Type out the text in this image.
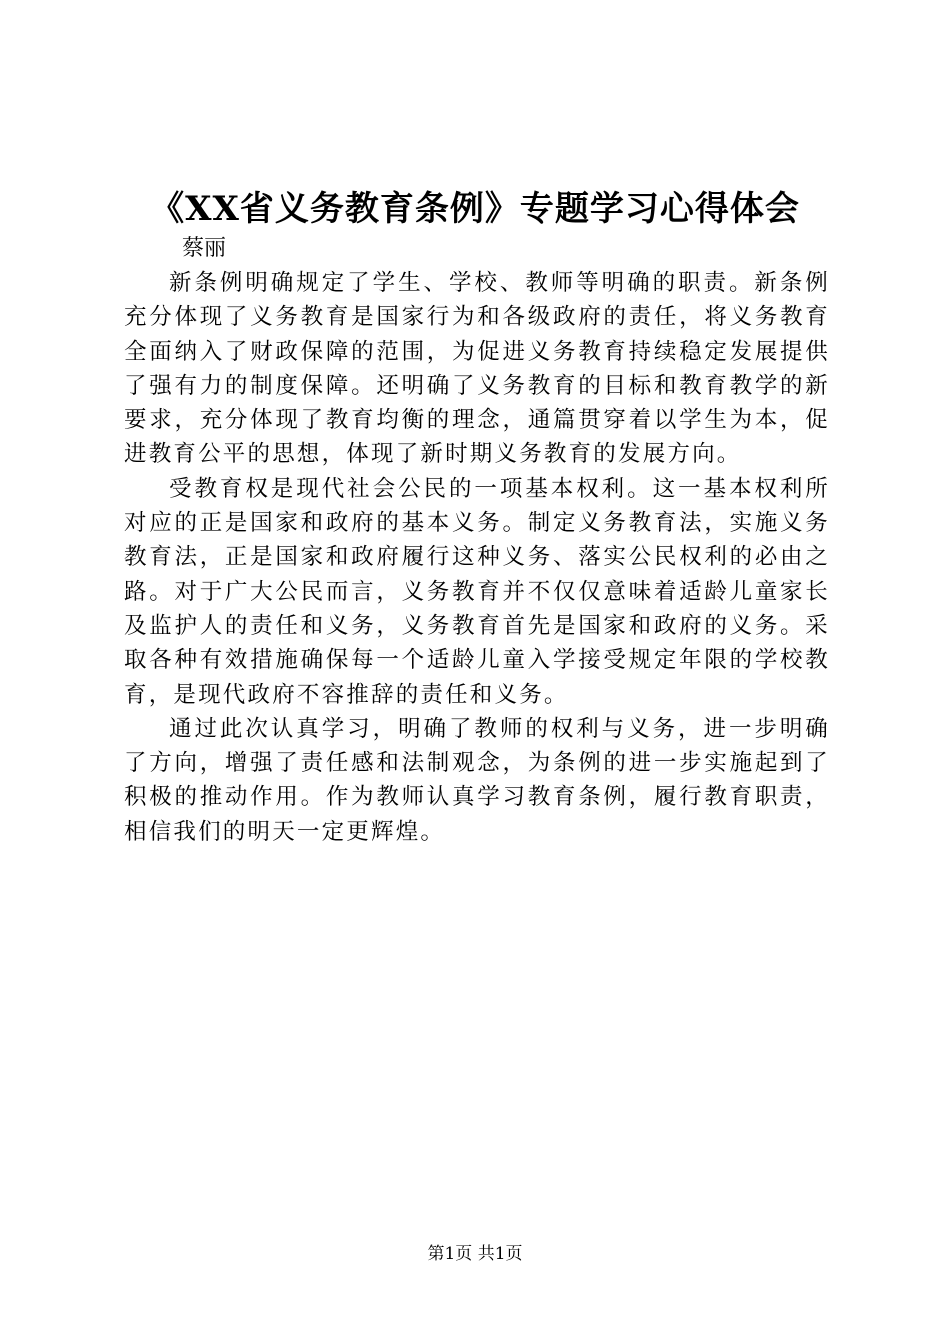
《XX省义务教育条例》专题学习心得体会
蔡丽

新条例明确规定了学生、学校、教师等明确的职责。新条例充分体现了义务教育是国家行为和各级政府的责任，将义务教育全面纳入了财政保障的范围，为促进义务教育持续稳定发展提供了强有力的制度保障。还明确了义务教育的目标和教育教学的新要求，充分体现了教育均衡的理念，通篇贯穿着以学生为本，促进教育公平的思想，体现了新时期义务教育的发展方向。

受教育权是现代社会公民的一项基本权利。这一基本权利所对应的正是国家和政府的基本义务。制定义务教育法，实施义务教育法，正是国家和政府履行这种义务、落实公民权利的必由之路。对于广大公民而言，义务教育并不仅仅意味着适龄儿童家长及监护人的责任和义务，义务教育首先是国家和政府的义务。采取各种有效措施确保每一个适龄儿童入学接受规定年限的学校教育，是现代政府不容推辞的责任和义务。

通过此次认真学习，明确了教师的权利与义务，进一步明确了方向，增强了责任感和法制观念，为条例的进一步实施起到了积极的推动作用。作为教师认真学习教育条例，履行教育职责，相信我们的明天一定更辉煌。

第1页 共1页
